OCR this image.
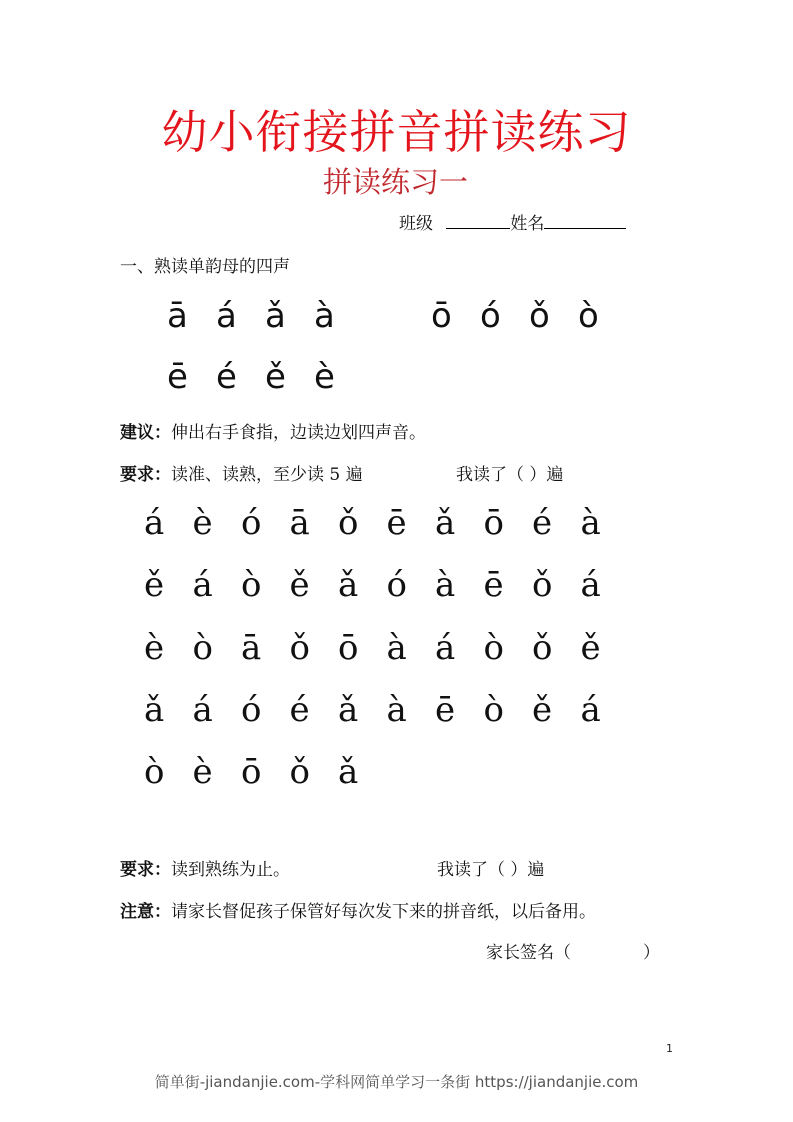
幼小衔接拼音拼读练习
拼读练习一
班级	姓名
一、熟读单韵母的四声
ā á ǎ à	ō ó ǒ ò
ē é ě è
建议：伸出右手食指，边读边划四声音。
要求：读准、读熟，至少读 5 遍	我读了（ ）遍
á è ó ā ǒ ē ǎ ō é à
ě á ò ě ǎ ó à ē ǒ á
è ò ā ǒ ō à á ò ǒ ě
ǎ á ó é ǎ à ē ò ě á
ò è ō ǒ ǎ
要求：读到熟练为止。	我读了（ ）遍
注意：请家长督促孩子保管好每次发下来的拼音纸，以后备用。
家长签名（	）
1
简单街-jiandanjie.com-学科网简单学习一条街 https://jiandanjie.com
